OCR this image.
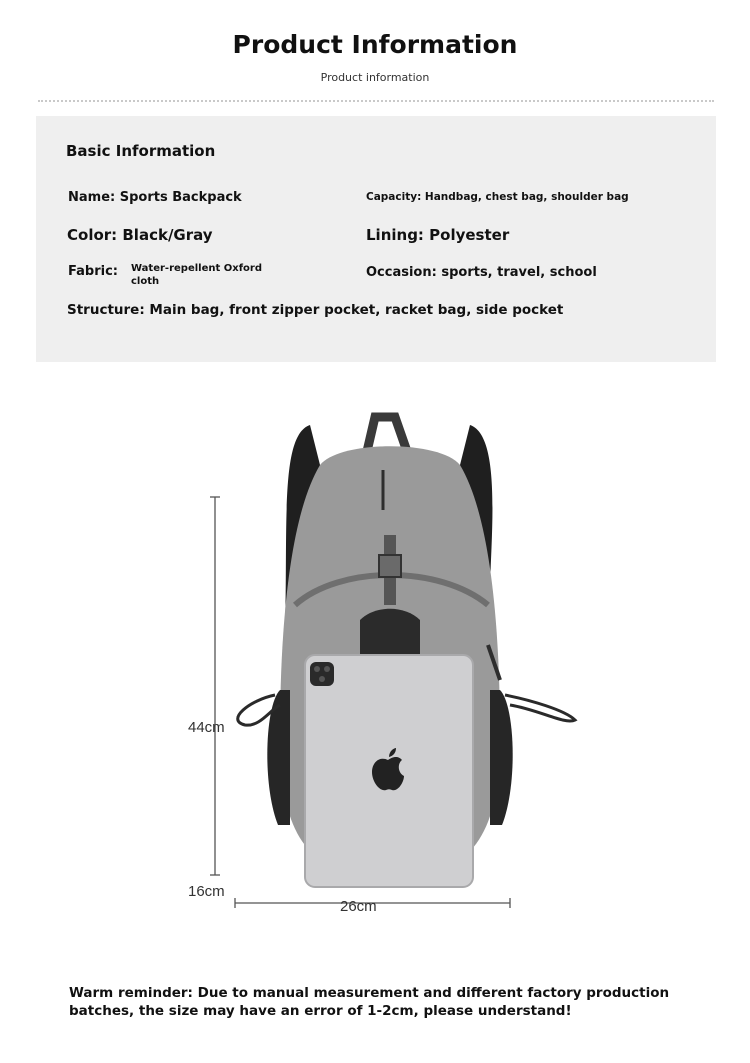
Product Information
Product information
Basic Information
Name: Sports Backpack	Capacity: Handbag, chest bag, shoulder bag
Color: Black/Gray	Lining: Polyester
Fabric: Water-repellent Oxford cloth
Occasion: sports, travel, school
Structure: Main bag, front zipper pocket, racket bag, side pocket
44cm
16cm
26cm
Warm reminder: Due to manual measurement and different factory production batches, the size may have an error of 1-2cm, please understand!
